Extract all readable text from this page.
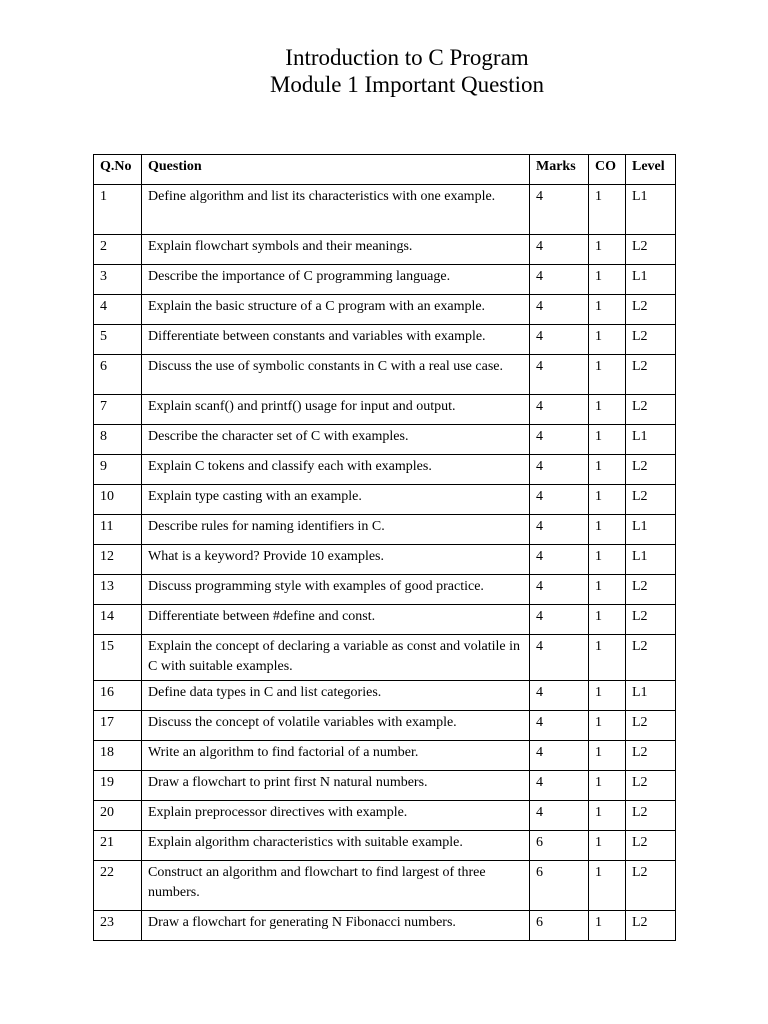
Introduction to C Program
Module 1 Important Question
Q.No	Question	Marks	CO	Level
1	Define algorithm and list its characteristics with one example.	4	1	L1
2	Explain flowchart symbols and their meanings.	4	1	L2
3	Describe the importance of C programming language.	4	1	L1
4	Explain the basic structure of a C program with an example.	4	1	L2
5	Differentiate between constants and variables with example.	4	1	L2
6	Discuss the use of symbolic constants in C with a real use case.	4	1	L2
7	Explain scanf() and printf() usage for input and output.	4	1	L2
8	Describe the character set of C with examples.	4	1	L1
9	Explain C tokens and classify each with examples.	4	1	L2
10	Explain type casting with an example.	4	1	L2
11	Describe rules for naming identifiers in C.	4	1	L1
12	What is a keyword? Provide 10 examples.	4	1	L1
13	Discuss programming style with examples of good practice.	4	1	L2
14	Differentiate between #define and const.	4	1	L2
15	Explain the concept of declaring a variable as const and volatile in C with suitable examples.	4	1	L2
16	Define data types in C and list categories.	4	1	L1
17	Discuss the concept of volatile variables with example.	4	1	L2
18	Write an algorithm to find factorial of a number.	4	1	L2
19	Draw a flowchart to print first N natural numbers.	4	1	L2
20	Explain preprocessor directives with example.	4	1	L2
21	Explain algorithm characteristics with suitable example.	6	1	L2
22	Construct an algorithm and flowchart to find largest of three numbers.	6	1	L2
23	Draw a flowchart for generating N Fibonacci numbers.	6	1	L2
